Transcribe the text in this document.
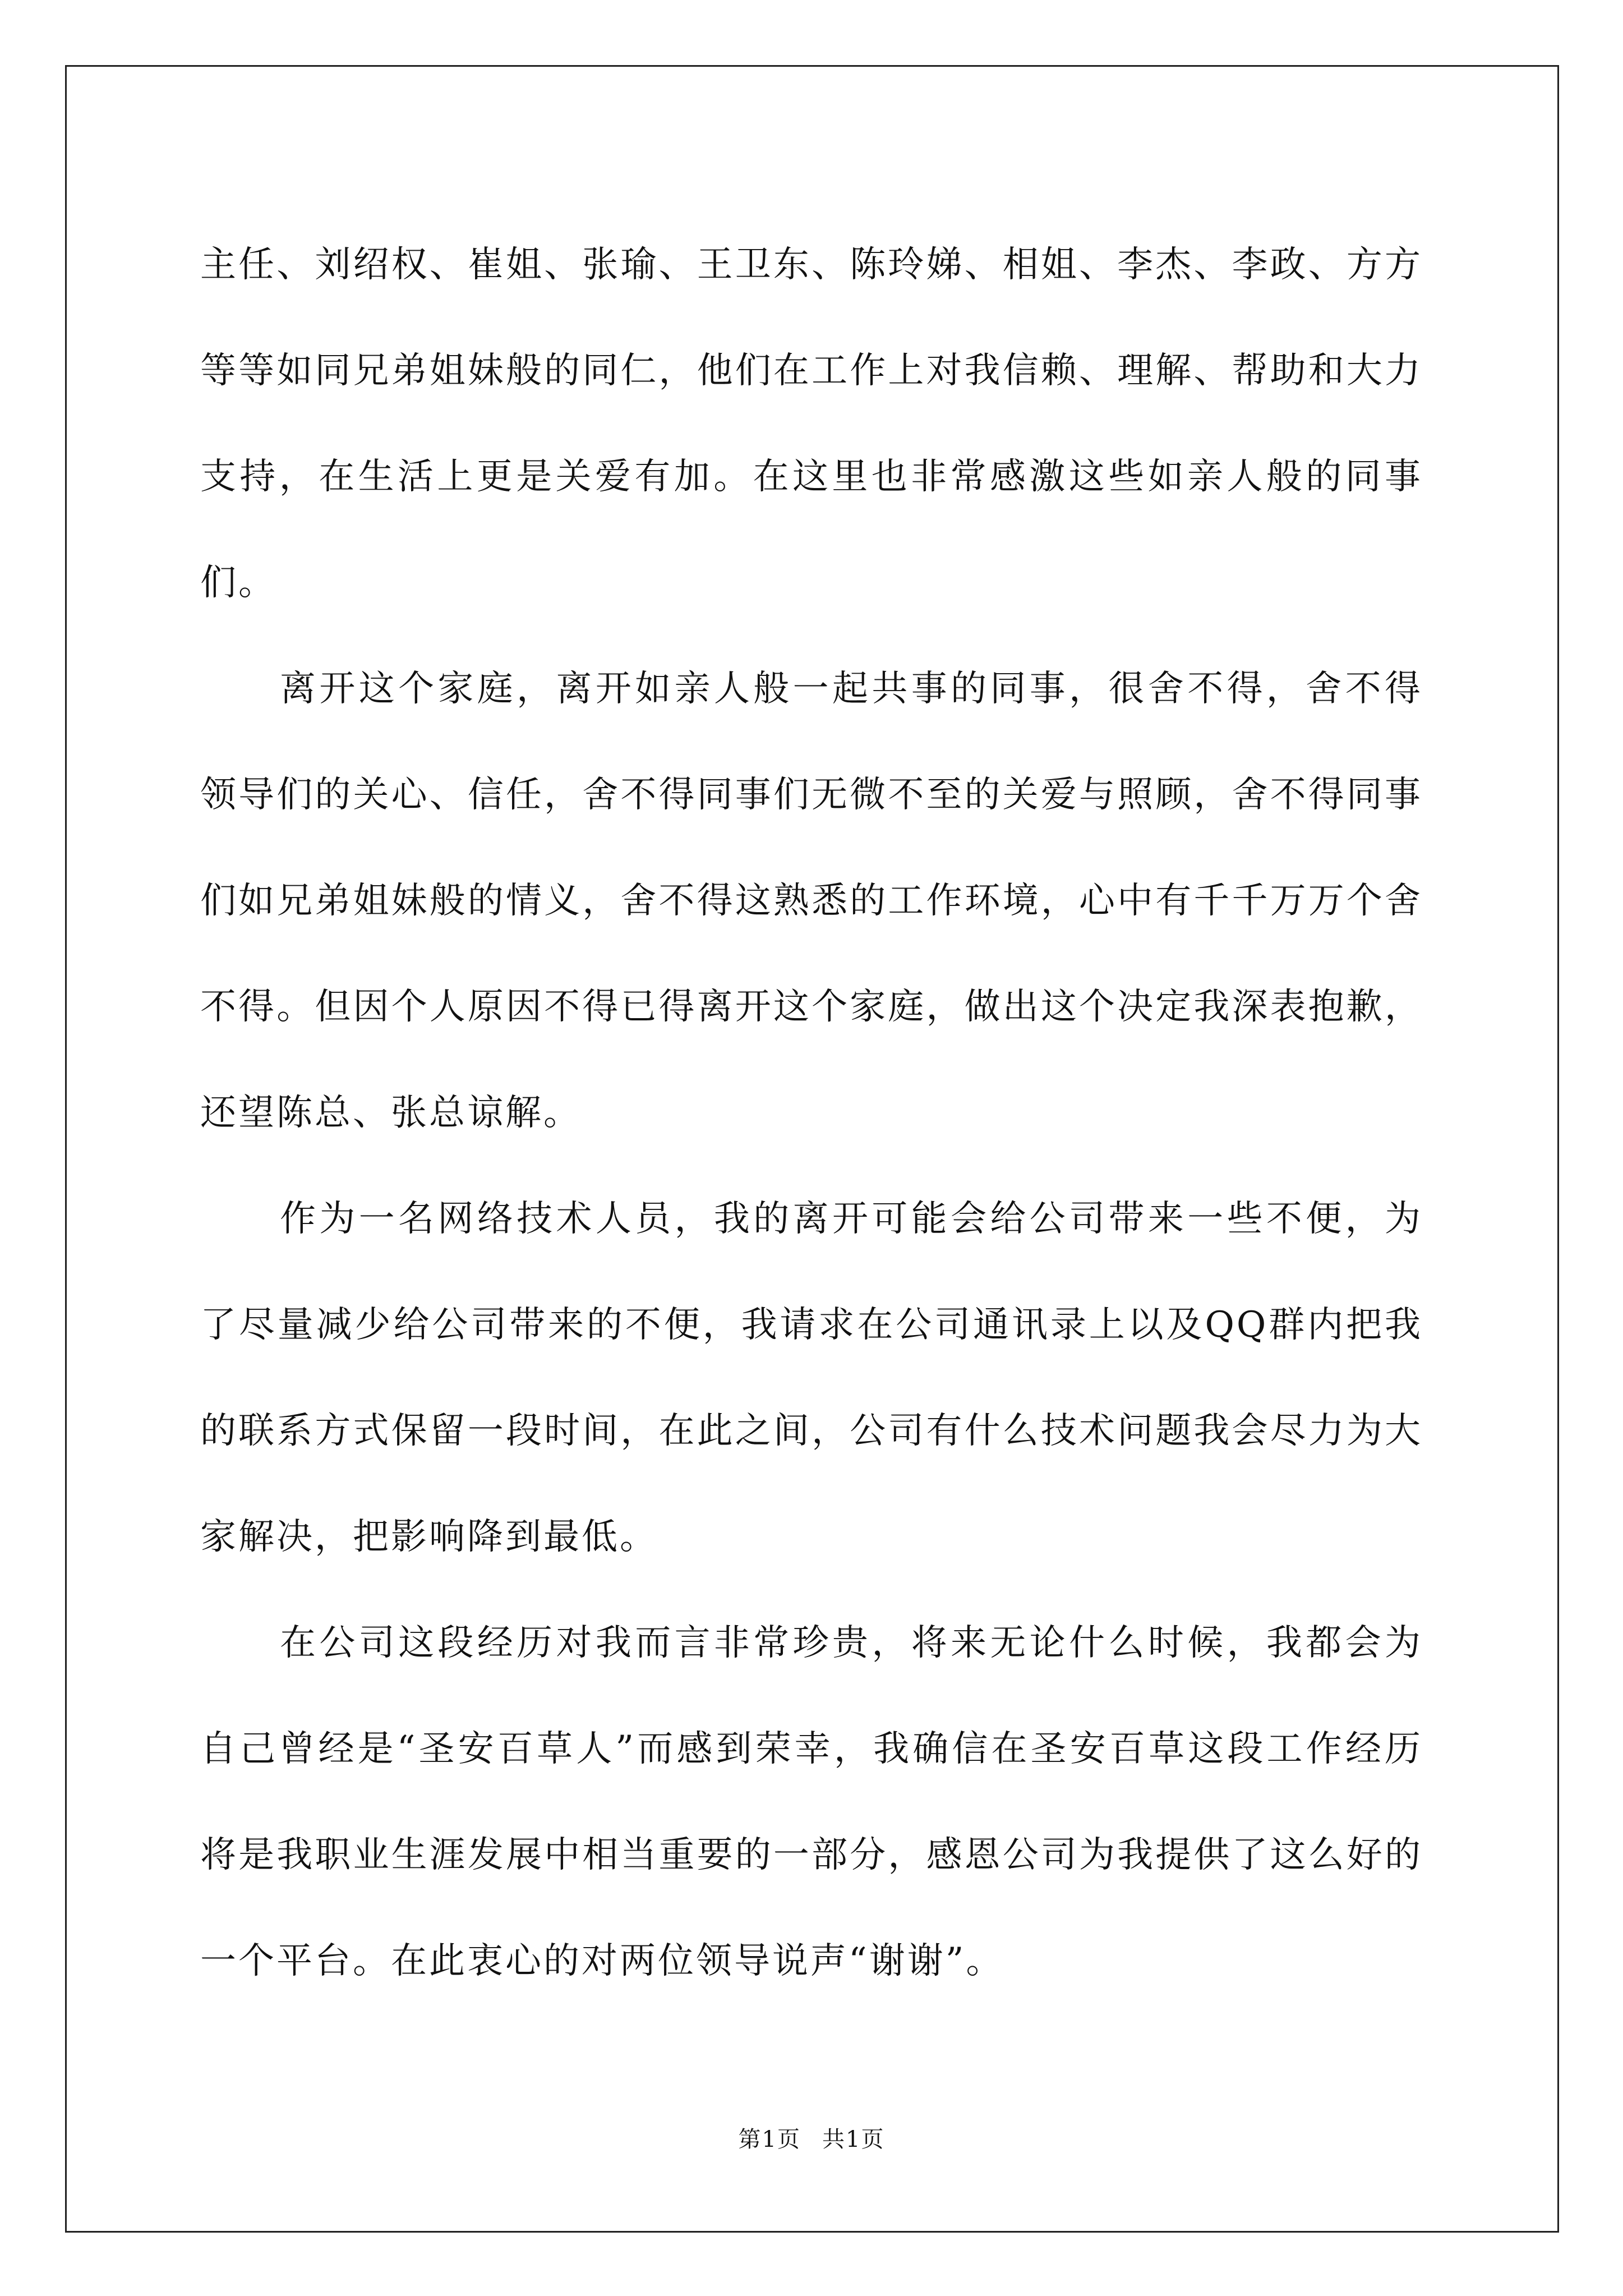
主任、刘绍权、崔姐、张瑜、王卫东、陈玲娣、相姐、李杰、李政、方方等等如同兄弟姐妹般的同仁，他们在工作上对我信赖、理解、帮助和大力支持，在生活上更是关爱有加。在这里也非常感激这些如亲人般的同事们。

离开这个家庭，离开如亲人般一起共事的同事，很舍不得，舍不得领导们的关心、信任，舍不得同事们无微不至的关爱与照顾，舍不得同事们如兄弟姐妹般的情义，舍不得这熟悉的工作环境，心中有千千万万个舍不得。但因个人原因不得已得离开这个家庭，做出这个决定我深表抱歉，还望陈总、张总谅解。

作为一名网络技术人员，我的离开可能会给公司带来一些不便，为了尽量减少给公司带来的不便，我请求在公司通讯录上以及QQ群内把我的联系方式保留一段时间，在此之间，公司有什么技术问题我会尽力为大家解决，把影响降到最低。

在公司这段经历对我而言非常珍贵，将来无论什么时候，我都会为自己曾经是“圣安百草人”而感到荣幸，我确信在圣安百草这段工作经历将是我职业生涯发展中相当重要的一部分，感恩公司为我提供了这么好的一个平台。在此衷心的对两位领导说声“谢谢”。

第1页 共1页
